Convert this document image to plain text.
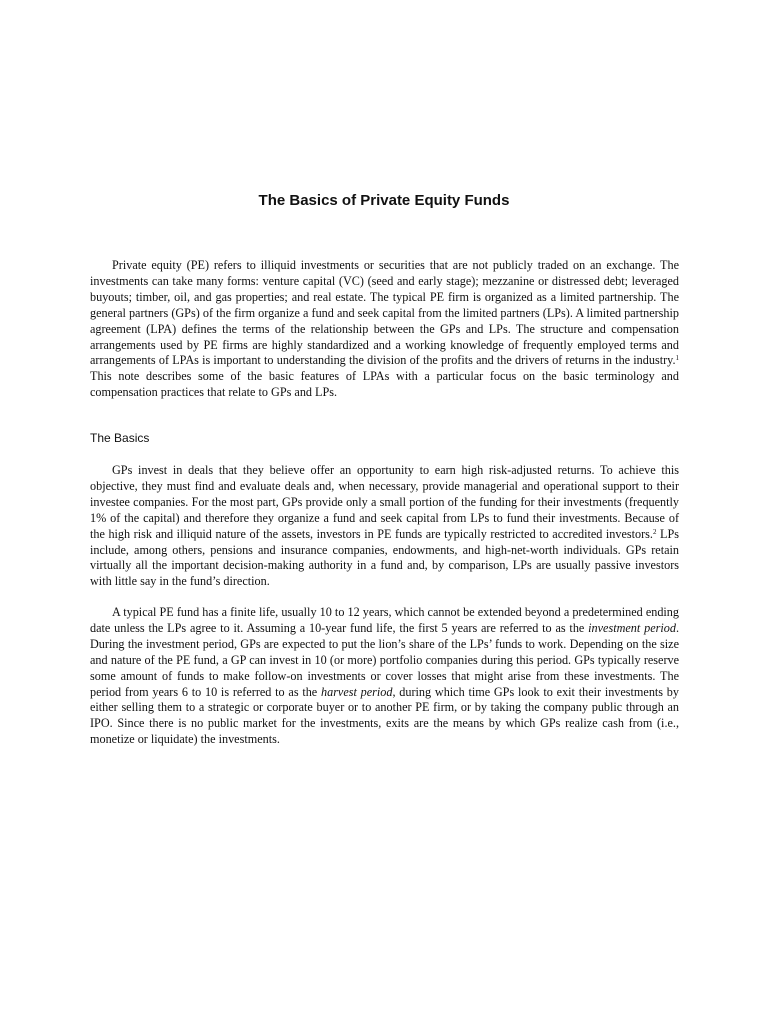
The Basics of Private Equity Funds

Private equity (PE) refers to illiquid investments or securities that are not publicly traded on an exchange. The investments can take many forms: venture capital (VC) (seed and early stage); mezzanine or distressed debt; leveraged buyouts; timber, oil, and gas properties; and real estate. The typical PE firm is organized as a limited partnership. The general partners (GPs) of the firm organize a fund and seek capital from the limited partners (LPs). A limited partnership agreement (LPA) defines the terms of the relationship between the GPs and LPs. The structure and compensation arrangements used by PE firms are highly standardized and a working knowledge of frequently employed terms and arrangements of LPAs is important to understanding the division of the profits and the drivers of returns in the industry.$^1$ This note describes some of the basic features of LPAs with a particular focus on the basic terminology and compensation practices that relate to GPs and LPs.

The Basics

GPs invest in deals that they believe offer an opportunity to earn high risk-adjusted returns. To achieve this objective, they must find and evaluate deals and, when necessary, provide managerial and operational support to their investee companies. For the most part, GPs provide only a small portion of the funding for their investments (frequently 1% of the capital) and therefore they organize a fund and seek capital from LPs to fund their investments. Because of the high risk and illiquid nature of the assets, investors in PE funds are typically restricted to accredited investors.$^2$ LPs include, among others, pensions and insurance companies, endowments, and high-net-worth individuals. GPs retain virtually all the important decision-making authority in a fund and, by comparison, LPs are usually passive investors with little say in the fund’s direction.

A typical PE fund has a finite life, usually 10 to 12 years, which cannot be extended beyond a predetermined ending date unless the LPs agree to it. Assuming a 10-year fund life, the first 5 years are referred to as the investment period. During the investment period, GPs are expected to put the lion’s share of the LPs’ funds to work. Depending on the size and nature of the PE fund, a GP can invest in 10 (or more) portfolio companies during this period. GPs typically reserve some amount of funds to make follow-on investments or cover losses that might arise from these investments. The period from years 6 to 10 is referred to as the harvest period, during which time GPs look to exit their investments by either selling them to a strategic or corporate buyer or to another PE firm, or by taking the company public through an IPO. Since there is no public market for the investments, exits are the means by which GPs realize cash from (i.e., monetize or liquidate) the investments.
